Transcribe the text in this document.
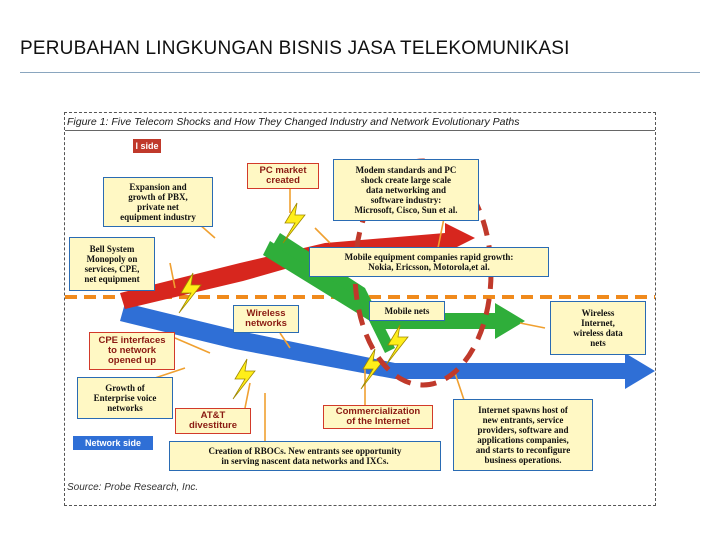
PERUBAHAN LINGKUNGAN BISNIS JASA TELEKOMUNIKASI
Figure 1: Five Telecom Shocks and How They Changed Industry and Network Evolutionary Paths
l side
Network side
PC market
created
Modem standards and PC
shock create large scale
data networking and
software industry:
Microsoft, Cisco, Sun et al.
Expansion and
growth of PBX,
private net
equipment industry
Bell System
Monopoly on
services, CPE,
net equipment
Mobile equipment companies rapid growth:
Nokia, Ericsson, Motorola,et al.
Wireless
networks
Mobile nets	Wireless
Internet,
wireless data
nets
CPE interfaces
to network
opened up
Growth of
Enterprise voice
networks
AT&T
divestiture
Commercialization
of the Internet
Internet spawns host of
new entrants, service
providers, software and
applications companies,
and starts to reconfigure
business operations.
Creation of RBOCs. New entrants see opportunity
in serving nascent data networks and IXCs.
Source: Probe Research, Inc.
